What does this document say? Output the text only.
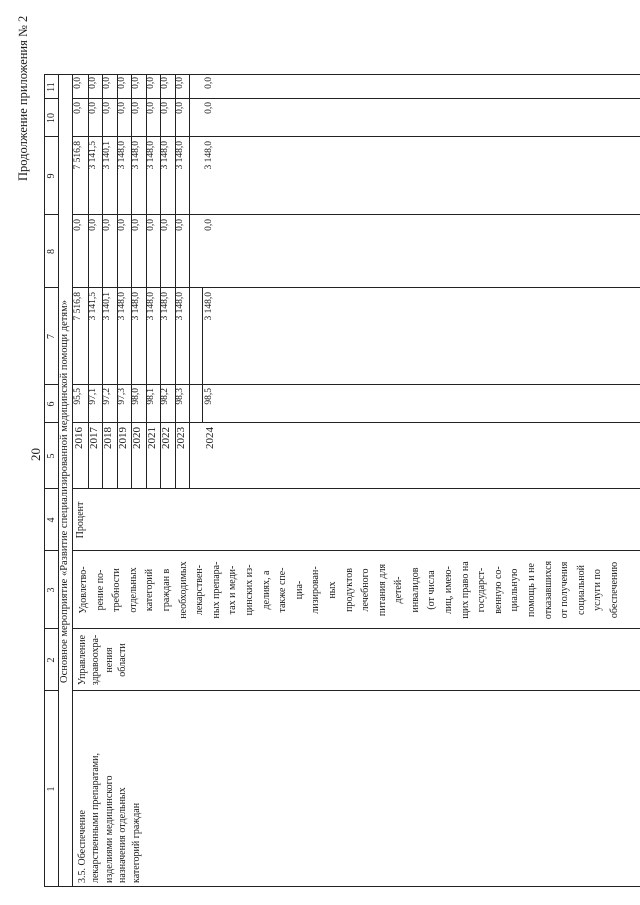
20
Продолжение приложения № 2
1
2
3
4
5
6
7
8
9
10
11
Основное мероприятие «Развитие специализированной медицинской помощи детям»
3.5. Обеспечение лекарственными препаратами, изделиями медицинского назначения отдельных категорий граждан
Управление здравоохра- нения области
Удовлетво- рение по- требности отдельных категорий граждан в необходимых лекарствен- ных препара- тах и меди- цинских из- делиях, а также спе- циа- лизирован- ных продуктов лечебного питания для детей- инвалидов (от числа лиц, имею- щих право на государст- венную со- циальную помощь и не отказавшихся от получения социальной услуги по обеспечению
Процент
2016
95,5
7 516,8
0,0
7 516,8
0,0
0,0
2017
97,1
3 141,5
0,0
3 141,5
0,0
0,0
2018
97,2
3 140,1
0,0
3 140,1
0,0
0,0
2019
97,3
3 148,0
0,0
3 148,0
0,0
0,0
2020
98,0
3 148,0
0,0
3 148,0
0,0
0,0
2021
98,1
3 148,0
0,0
3 148,0
0,0
0,0
2022
98,2
3 148,0
0,0
3 148,0
0,0
0,0
2023
98,3
3 148,0
0,0
3 148,0
0,0
0,0
2024
98,5
3 148,0
0,0
3 148,0
0,0
0,0
